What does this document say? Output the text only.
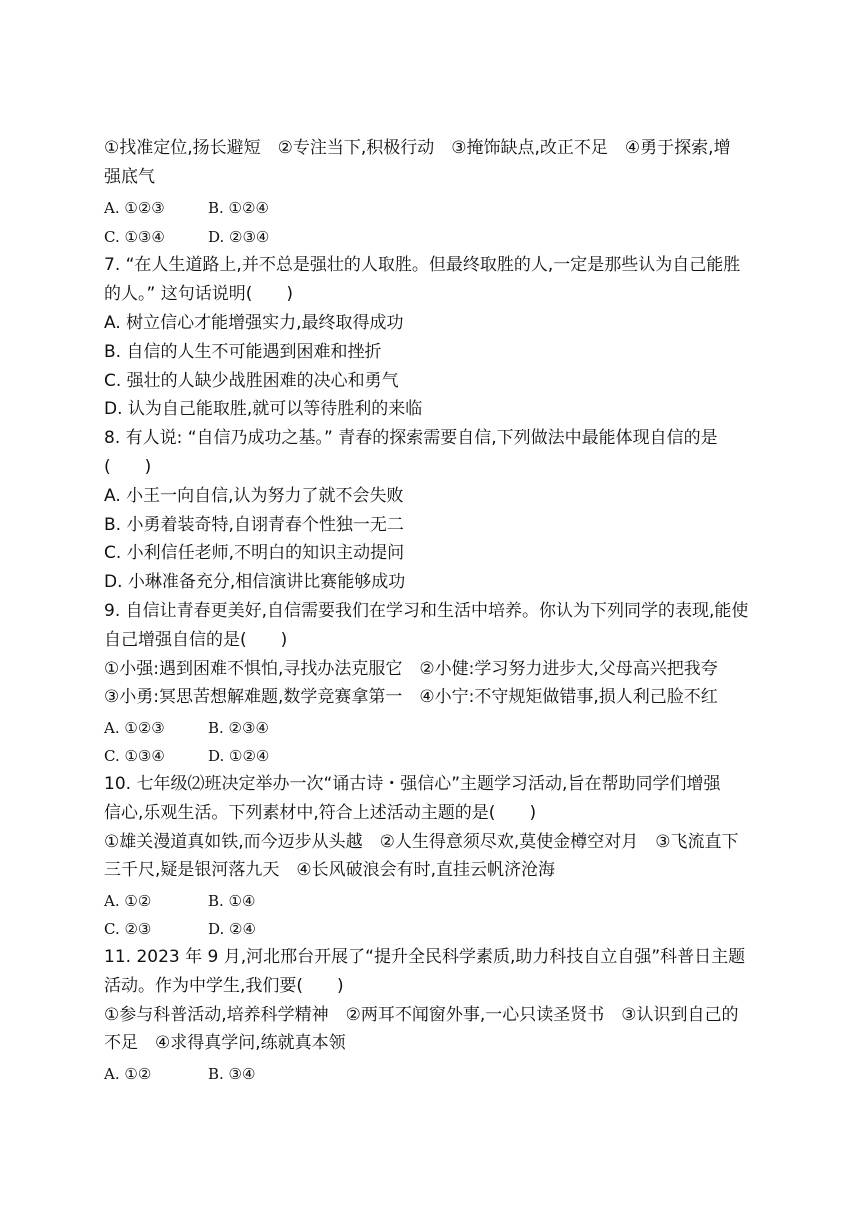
①找准定位,扬长避短　②专注当下,积极行动　③掩饰缺点,改正不足　④勇于探索,增
强底气
A. ①②③	B. ①②④
C. ①③④	D. ②③④
7. “在人生道路上,并不总是强壮的人取胜。但最终取胜的人,一定是那些认为自己能胜
的人。” 这句话说明(　　)
A. 树立信心才能增强实力,最终取得成功
B. 自信的人生不可能遇到困难和挫折
C. 强壮的人缺少战胜困难的决心和勇气
D. 认为自己能取胜,就可以等待胜利的来临
8. 有人说: “自信乃成功之基。” 青春的探索需要自信,下列做法中最能体现自信的是
(　　)
A. 小王一向自信,认为努力了就不会失败
B. 小勇着装奇特,自诩青春个性独一无二
C. 小利信任老师,不明白的知识主动提问
D. 小琳准备充分,相信演讲比赛能够成功
9. 自信让青春更美好,自信需要我们在学习和生活中培养。你认为下列同学的表现,能使
自己增强自信的是(　　)
①小强:遇到困难不惧怕,寻找办法克服它　②小健:学习努力进步大,父母高兴把我夸
③小勇:冥思苦想解难题,数学竞赛拿第一　④小宁:不守规矩做错事,损人利己脸不红
A. ①②③	B. ②③④
C. ①③④	D. ①②④
10. 七年级⑵班决定举办一次“诵古诗・强信心”主题学习活动,旨在帮助同学们增强
信心,乐观生活。下列素材中,符合上述活动主题的是(　　)
①雄关漫道真如铁,而今迈步从头越　②人生得意须尽欢,莫使金樽空对月　③飞流直下
三千尺,疑是银河落九天　④长风破浪会有时,直挂云帆济沧海
A. ①②	B. ①④
C. ②③	D. ②④
11. 2023 年 9 月,河北邢台开展了“提升全民科学素质,助力科技自立自强”科普日主题
活动。作为中学生,我们要(　　)
①参与科普活动,培养科学精神　②两耳不闻窗外事,一心只读圣贤书　③认识到自己的
不足　④求得真学问,练就真本领
A. ①②	B. ③④
